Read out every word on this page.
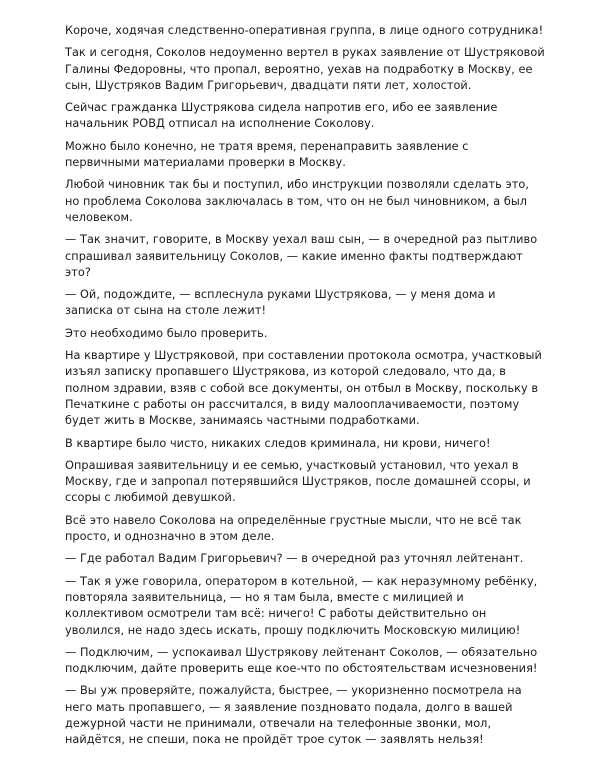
Короче, ходячая следственно-оперативная группа, в лице одного сотрудника!

Так и сегодня, Соколов недоуменно вертел в руках заявление от Шустряковой Галины Федоровны, что пропал, вероятно, уехав на подработку в Москву, ее сын, Шустряков Вадим Григорьевич, двадцати пяти лет, холостой.

Сейчас гражданка Шустрякова сидела напротив его, ибо ее заявление начальник РОВД отписал на исполнение Соколову.

Можно было конечно, не тратя время, перенаправить заявление с первичными материалами проверки в Москву.

Любой чиновник так бы и поступил, ибо инструкции позволяли сделать это, но проблема Соколова заключалась в том, что он не был чиновником, а был человеком.

— Так значит, говорите, в Москву уехал ваш сын, — в очередной раз пытливо спрашивал заявительницу Соколов, — какие именно факты подтверждают это?

— Ой, подождите, — всплеснула руками Шустрякова, — у меня дома и записка от сына на столе лежит!

Это необходимо было проверить.

На квартире у Шустряковой, при составлении протокола осмотра, участковый изъял записку пропавшего Шустрякова, из которой следовало, что да, в полном здравии, взяв с собой все документы, он отбыл в Москву, поскольку в Печаткине с работы он рассчитался, в виду малооплачиваемости, поэтому будет жить в Москве, занимаясь частными подработками.

В квартире было чисто, никаких следов криминала, ни крови, ничего!

Опрашивая заявительницу и ее семью, участковый установил, что уехал в Москву, где и запропал потерявшийся Шустряков, после домашней ссоры, и ссоры с любимой девушкой.

Всё это навело Соколова на определённые грустные мысли, что не всё так просто, и однозначно в этом деле.

— Где работал Вадим Григорьевич? — в очередной раз уточнял лейтенант.

— Так я уже говорила, оператором в котельной, — как неразумному ребёнку, повторяла заявительница, — но я там была, вместе с милицией и коллективом осмотрели там всё: ничего! С работы действительно он уволился, не надо здесь искать, прошу подключить Московскую милицию!

— Подключим, — успокаивал Шустрякову лейтенант Соколов, — обязательно подключим, дайте проверить еще кое-что по обстоятельствам исчезновения!

— Вы уж проверяйте, пожалуйста, быстрее, — укоризненно посмотрела на него мать пропавшего, — я заявление поздновато подала, долго в вашей дежурной части не принимали, отвечали на телефонные звонки, мол, найдётся, не спеши, пока не пройдёт трое суток — заявлять нельзя!
